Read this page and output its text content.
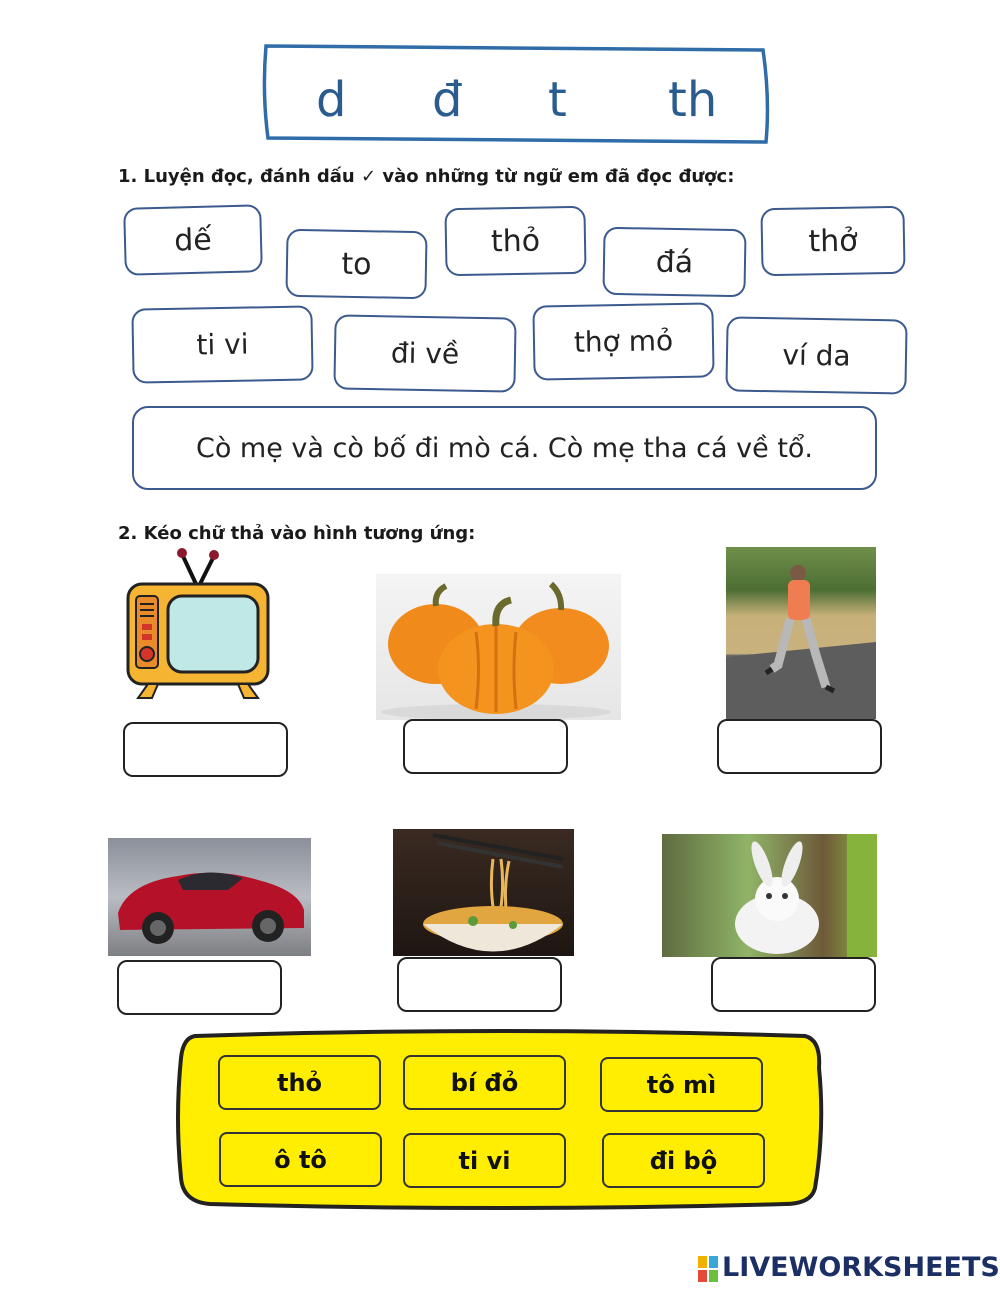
d đ t th
1. Luyện đọc, đánh dấu ✓ vào những từ ngữ em đã đọc được:
dế
to
thỏ
đá
thở
ti vi	đi về	thợ mỏ	ví da
Cò mẹ và cò bố đi mò cá. Cò mẹ tha cá về tổ.
2. Kéo chữ thả vào hình tương ứng:
thỏ	bí đỏ	tô mì
ô tô	ti vi	đi bộ
LIVEWORKSHEETS
